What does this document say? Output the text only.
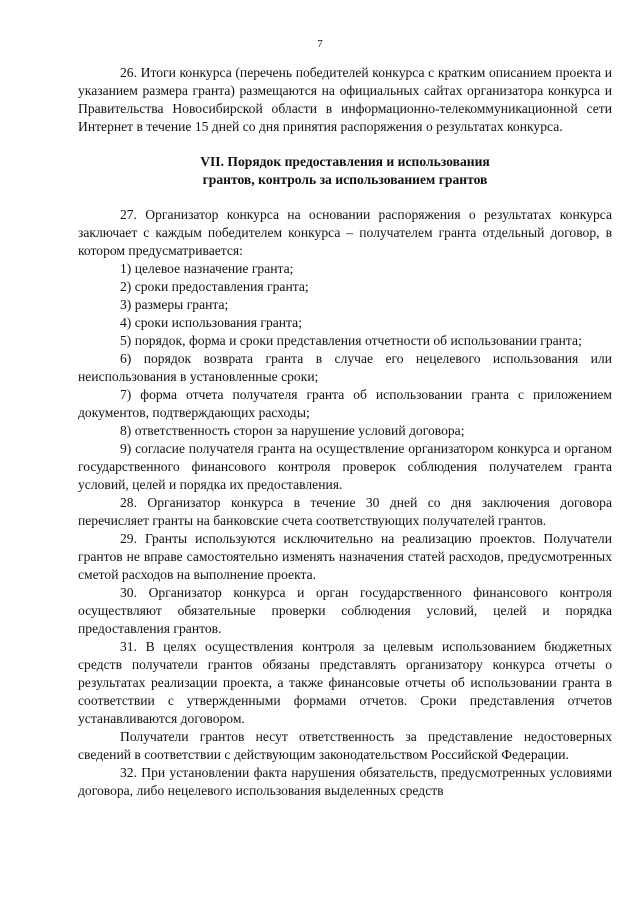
7

26. Итоги конкурса (перечень победителей конкурса с кратким описанием проекта и указанием размера гранта) размещаются на официальных сайтах организатора конкурса и Правительства Новосибирской области в информационно-телекоммуникационной сети Интернет в течение 15 дней со дня принятия распоряжения о результатах конкурса.

VII. Порядок предоставления и использования
грантов, контроль за использованием грантов

27. Организатор конкурса на основании распоряжения о результатах конкурса заключает с каждым победителем конкурса – получателем гранта отдельный договор, в котором предусматривается:

1) целевое назначение гранта;

2) сроки предоставления гранта;

3) размеры гранта;

4) сроки использования гранта;

5) порядок, форма и сроки представления отчетности об использовании гранта;

6) порядок возврата гранта в случае его нецелевого использования или неиспользования в установленные сроки;

7) форма отчета получателя гранта об использовании гранта с приложением документов, подтверждающих расходы;

8) ответственность сторон за нарушение условий договора;

9) согласие получателя гранта на осуществление организатором конкурса и органом государственного финансового контроля проверок соблюдения получателем гранта условий, целей и порядка их предоставления.

28. Организатор конкурса в течение 30 дней со дня заключения договора перечисляет гранты на банковские счета соответствующих получателей грантов.

29. Гранты используются исключительно на реализацию проектов. Получатели грантов не вправе самостоятельно изменять назначения статей расходов, предусмотренных сметой расходов на выполнение проекта.

30. Организатор конкурса и орган государственного финансового контроля осуществляют обязательные проверки соблюдения условий, целей и порядка предоставления грантов.

31. В целях осуществления контроля за целевым использованием бюджетных средств получатели грантов обязаны представлять организатору конкурса отчеты о результатах реализации проекта, а также финансовые отчеты об использовании гранта в соответствии с утвержденными формами отчетов. Сроки представления отчетов устанавливаются договором.

Получатели грантов несут ответственность за представление недостоверных сведений в соответствии с действующим законодательством Российской Федерации.

32. При установлении факта нарушения обязательств, предусмотренных условиями договора, либо нецелевого использования выделенных средств
